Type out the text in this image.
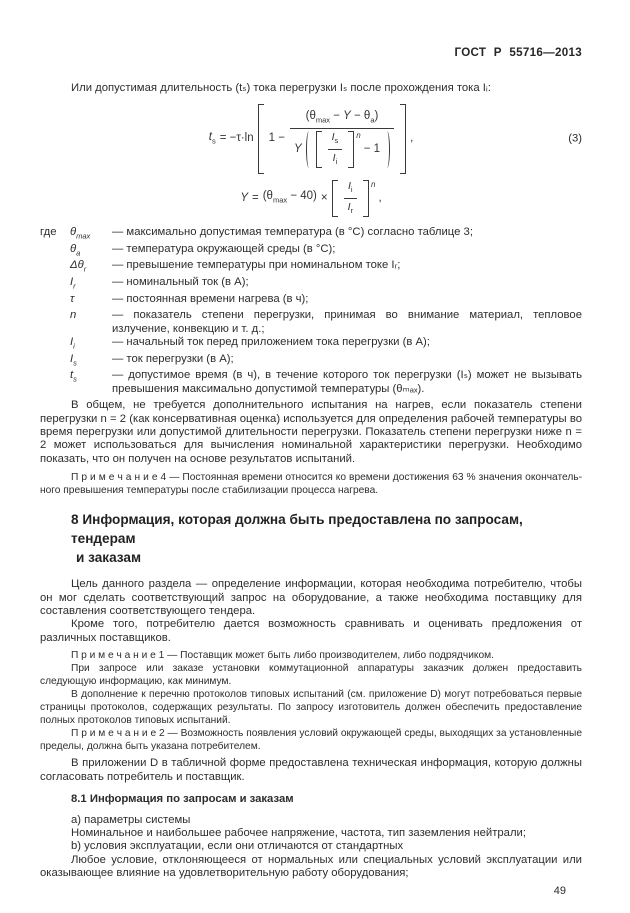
ГОСТ Р 55716—2013

Или допустимая длительность (tₛ) тока перегрузки Iₛ после прохождения тока Iᵢ:

$t_s = -\tau\cdot\ln$ 1 −
$(\theta_{max} - Y - \theta_a)$
Y $\frac{I_s}{I_i}$ n
− 1
,	(3)
$Y = (\theta_{max} - 40) \times \frac{I_i}{I_r}$ n
,
где	$\theta_{max}$	— максимально допустимая температура (в °С) согласно таблице 3;
$\theta_a$	— температура окружающей среды (в °С);
$\Delta\theta_r$	— превышение температуры при номинальном токе Iᵣ;
$I_r$	— номинальный ток (в А);
τ	— постоянная времени нагрева (в ч);
n	— показатель степени перегрузки, принимая во внимание материал, тепловое излучение, конвекцию и т. д.;
$I_i$	— начальный ток перед приложением тока перегрузки (в А);
$I_s$	— ток перегрузки (в А);
$t_s$	— допустимое время (в ч), в течение которого ток перегрузки (Iₛ) может не вызывать превышения максимально допустимой температуры (θₘₐₓ).

В общем, не требуется дополнительного испытания на нагрев, если показатель степени перегрузки n = 2 (как консервативная оценка) используется для определения рабочей температуры во время перегрузки или допустимой длительности перегрузки. Показатель степени перегрузки ниже n = 2 может использоваться для вычисления номинальной характеристики перегрузки. Необходимо показать, что он получен на основе результатов испытаний.

П р и м е ч а н и е 4 — Постоянная времени относится ко времени достижения 63 % значения окончательного превышения температуры после стабилизации процесса нагрева.

8 Информация, которая должна быть предоставлена по запросам, тендерам
и заказам

Цель данного раздела — определение информации, которая необходима потребителю, чтобы он мог сделать соответствующий запрос на оборудование, а также необходима поставщику для составления соответствующего тендера.

Кроме того, потребителю дается возможность сравнивать и оценивать предложения от различных поставщиков.

П р и м е ч а н и е 1 — Поставщик может быть либо производителем, либо подрядчиком.

При запросе или заказе установки коммутационной аппаратуры заказчик должен предоставить следующую информацию, как минимум.

В дополнение к перечню протоколов типовых испытаний (см. приложение D) могут потребоваться первые страницы протоколов, содержащих результаты. По запросу изготовитель должен обеспечить предоставление полных протоколов типовых испытаний.

П р и м е ч а н и е 2 — Возможность появления условий окружающей среды, выходящих за установленные пределы, должна быть указана потребителем.

В приложении D в табличной форме предоставлена техническая информация, которую должны согласовать потребитель и поставщик.

8.1 Информация по запросам и заказам

a) параметры системы

Номинальное и наибольшее рабочее напряжение, частота, тип заземления нейтрали;

b) условия эксплуатации, если они отличаются от стандартных

Любое условие, отклоняющееся от нормальных или специальных условий эксплуатации или оказывающее влияние на удовлетворительную работу оборудования;

49
